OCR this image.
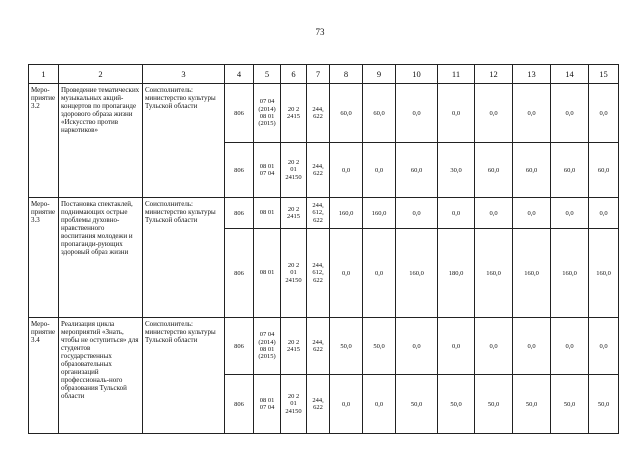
73
1	2	3	4	5	6	7	8	9	10	11	12	13	14	15
Меро-
приятие
3.2	Проведение тематических музыкальных акций-концертов по пропаганде здорового образа жизни «Искусство против наркотиков»	Соисполнитель: министерство культуры Тульской области	806	07 04
(2014)
08 01
(2015)	20 2
2415	244,
622	60,0	60,0	0,0	0,0	0,0	0,0	0,0	0,0
			806	08 01
07 04	20 2
01
24150	244,
622	0,0	0,0	60,0	30,0	60,0	60,0	60,0	60,0
Меро-
приятие
3.3	Постановка спектаклей, поднимающих острые проблемы духовно-нравственного воспитания молодежи и пропаганди-рующих здоровый образ жизни	Соисполнитель: министерство культуры Тульской области	806	08 01	20 2
2415	244,
612,
622	160,0	160,0	0,0	0,0	0,0	0,0	0,0	0,0
			806	08 01	20 2
01
24150	244,
612,
622	0,0	0,0	160,0	180,0	160,0	160,0	160,0	160,0
Меро-
приятие
3.4	Реализация цикла мероприятий «Знать, чтобы не оступиться» для студентов государственных образовательных организаций профессиональ-ного образования Тульской области	Соисполнитель: министерство культуры Тульской области	806	07 04
(2014)
08 01
(2015)	20 2
2415	244,
622	50,0	50,0	0,0	0,0	0,0	0,0	0,0	0,0
			806	08 01
07 04	20 2
01
24150	244,
622	0,0	0,0	50,0	50,0	50,0	50,0	50,0	50,0
